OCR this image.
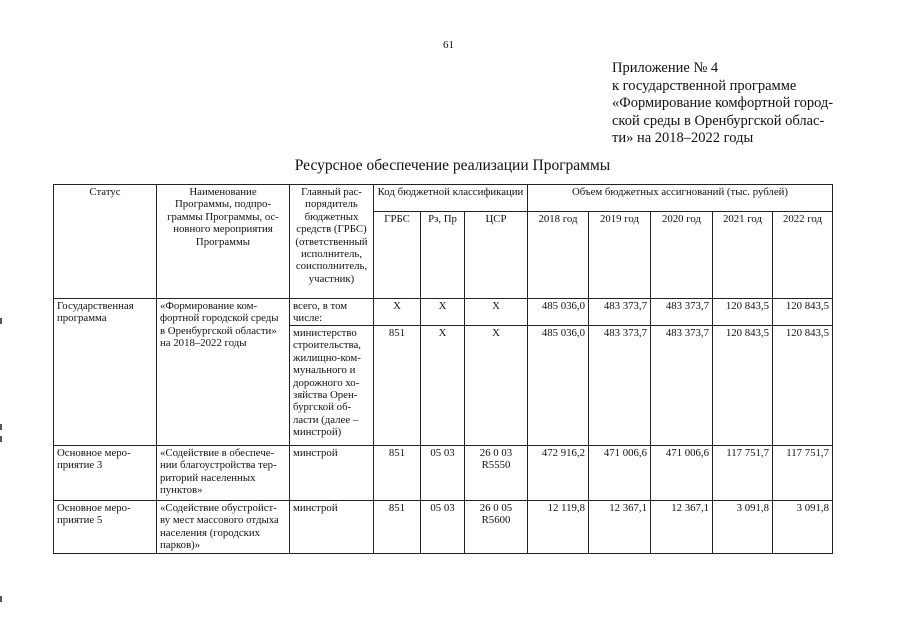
61
Приложение № 4
к государственной программе
«Формирование комфортной город-
ской среды в Оренбургской облас-
ти» на 2018–2022 годы
Ресурсное обеспечение реализации Программы
Статус	Наименование Программы, подпро-граммы Программы, ос-новного мероприятия Программы	Главный рас-порядитель бюджетных средств (ГРБС) (ответственный исполнитель, соисполнитель, участник)	Код бюджетной классификации			Объем бюджетных ассигнований (тыс. рублей)				
			ГРБС	Рз, Пр	ЦСР	2018 год	2019 год	2020 год	2021 год	2022 год
Государственная программа	«Формирование ком-фортной городской среды в Оренбургской области» на 2018–2022 годы	всего, в том числе:	Х	Х	Х	485 036,0	483 373,7	483 373,7	120 843,5	120 843,5
		министерство строительства, жилищно-ком-мунального и дорожного хо-зяйства Орен-бургской об-ласти (далее – минстрой)	851	Х	Х	485 036,0	483 373,7	483 373,7	120 843,5	120 843,5
Основное меро-приятие 3	«Содействие в обеспече-нии благоустройства тер-риторий населенных пунктов»	минстрой	851	05 03	26 0 03 R5550	472 916,2	471 006,6	471 006,6	117 751,7	117 751,7
Основное меро-приятие 5	«Содействие обустройст-ву мест массового отдыха населения (городских парков)»	минстрой	851	05 03	26 0 05 R5600	12 119,8	12 367,1	12 367,1	3 091,8	3 091,8
